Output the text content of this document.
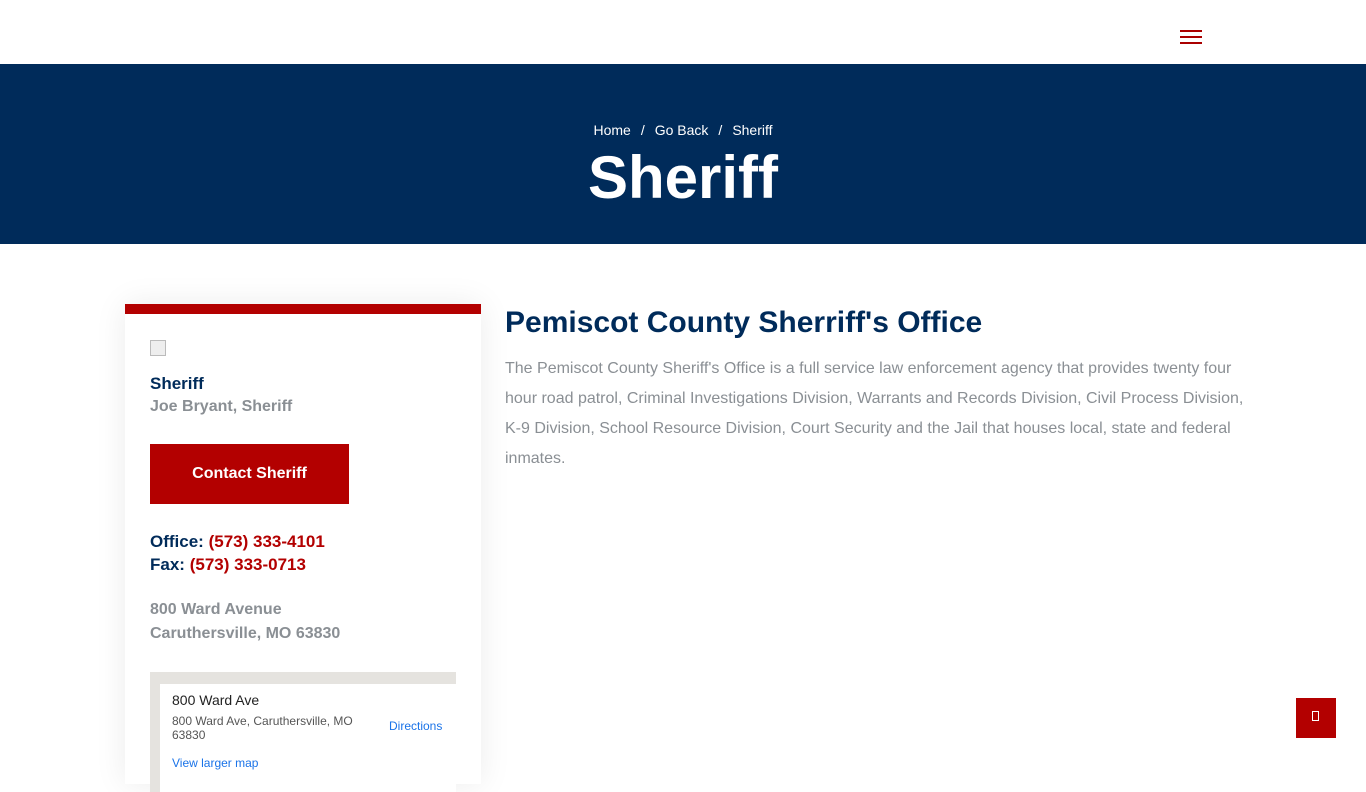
Home / Go Back / Sheriff
Sheriff
Sheriff
Joe Bryant, Sheriff
Contact Sheriff
Office: (573) 333-4101
Fax: (573) 333-0713
800 Ward Avenue
Caruthersville, MO 63830
800 Ward Ave
800 Ward Ave, Caruthersville, MO 63830
Directions
View larger map
Pemiscot County Sherriff's Office

The Pemiscot County Sheriff's Office is a full service law enforcement agency that provides twenty four hour road patrol, Criminal Investigations Division, Warrants and Records Division, Civil Process Division, K-9 Division, School Resource Division, Court Security and the Jail that houses local, state and federal inmates.
